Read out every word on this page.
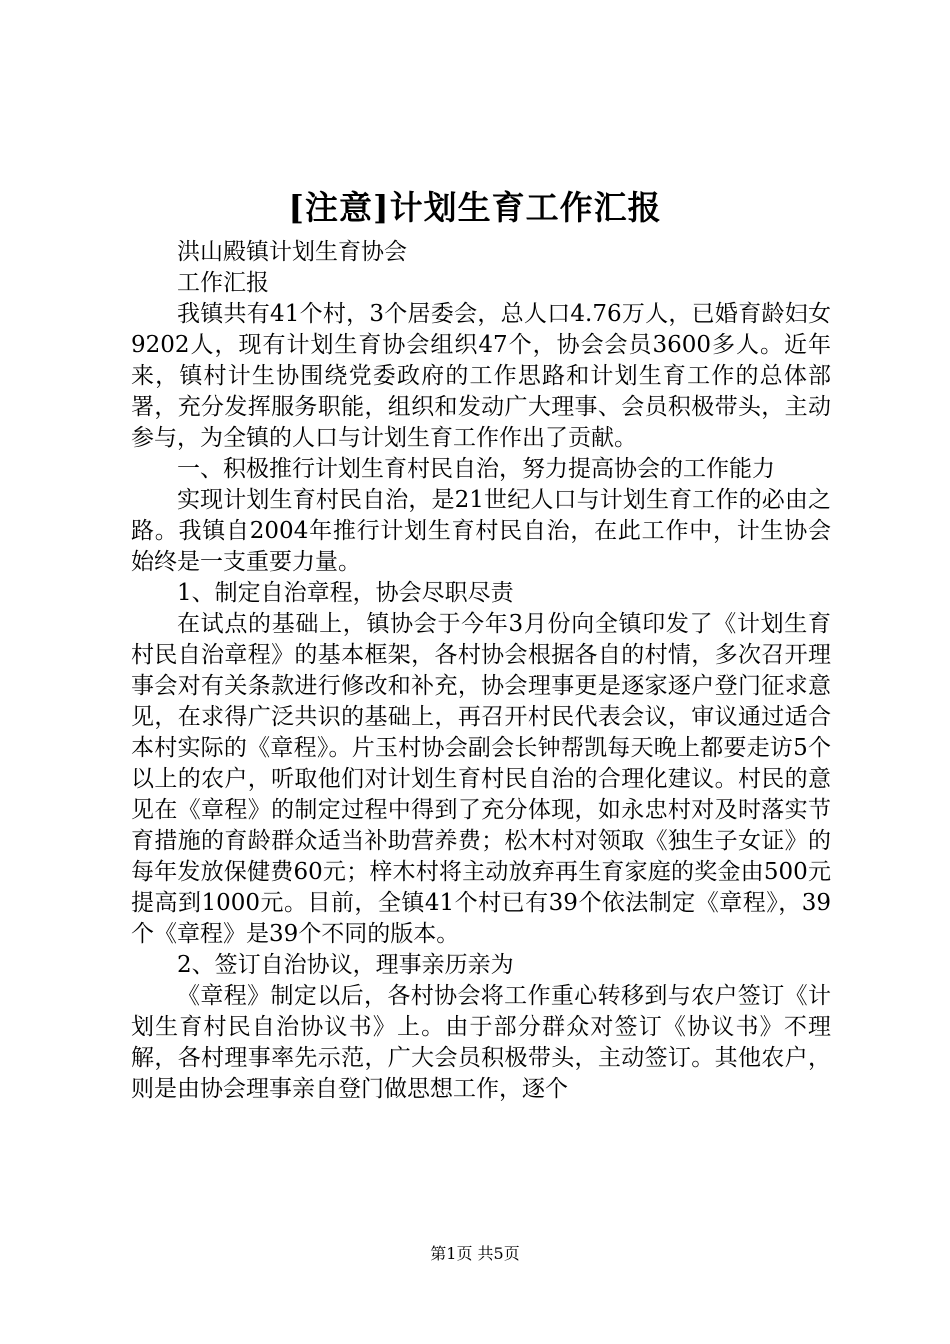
[注意]计划生育工作汇报

洪山殿镇计划生育协会

工作汇报

我镇共有41个村，3个居委会，总人口4.76万人，已婚育龄妇女9202人，现有计划生育协会组织47个，协会会员3600多人。近年来，镇村计生协围绕党委政府的工作思路和计划生育工作的总体部署，充分发挥服务职能，组织和发动广大理事、会员积极带头，主动参与，为全镇的人口与计划生育工作作出了贡献。

一、积极推行计划生育村民自治，努力提高协会的工作能力

实现计划生育村民自治，是21世纪人口与计划生育工作的必由之路。我镇自2004年推行计划生育村民自治，在此工作中，计生协会始终是一支重要力量。

1、制定自治章程，协会尽职尽责

在试点的基础上，镇协会于今年3月份向全镇印发了《计划生育村民自治章程》的基本框架，各村协会根据各自的村情，多次召开理事会对有关条款进行修改和补充，协会理事更是逐家逐户登门征求意见，在求得广泛共识的基础上，再召开村民代表会议，审议通过适合本村实际的《章程》。片玉村协会副会长钟帮凯每天晚上都要走访5个以上的农户，听取他们对计划生育村民自治的合理化建议。村民的意见在《章程》的制定过程中得到了充分体现，如永忠村对及时落实节育措施的育龄群众适当补助营养费；松木村对领取《独生子女证》的每年发放保健费60元；梓木村将主动放弃再生育家庭的奖金由500元提高到1000元。目前，全镇41个村已有39个依法制定《章程》，39个《章程》是39个不同的版本。

2、签订自治协议，理事亲历亲为

《章程》制定以后，各村协会将工作重心转移到与农户签订《计划生育村民自治协议书》上。由于部分群众对签订《协议书》不理解，各村理事率先示范，广大会员积极带头，主动签订。其他农户，则是由协会理事亲自登门做思想工作，逐个

第1页 共5页
